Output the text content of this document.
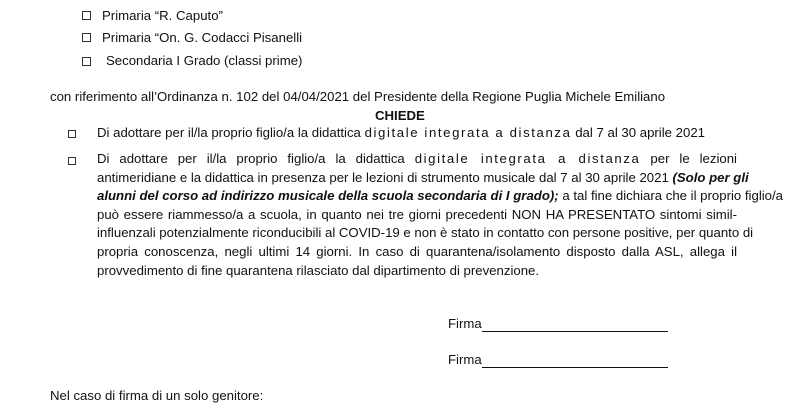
Primaria “R. Caputo”
Primaria “On. G. Codacci Pisanelli
Secondaria I Grado (classi prime)
con riferimento all’Ordinanza n. 102 del 04/04/2021 del Presidente della Regione Puglia Michele Emiliano
CHIEDE
Di adottare per il/la proprio figlio/a la didattica digitale integrata a distanza dal 7 al 30 aprile 2021
Di adottare per il/la proprio figlio/a la didattica digitale integrata a distanza per le lezioni
antimeridiane e la didattica in presenza per le lezioni di strumento musicale dal 7 al 30 aprile 2021 (Solo per gli
alunni del corso ad indirizzo musicale della scuola secondaria di I grado); a tal fine dichiara che il proprio figlio/a
può essere riammesso/a a scuola, in quanto nei tre giorni precedenti NON HA PRESENTATO sintomi simil-
influenzali potenzialmente riconducibili al COVID-19 e non è stato in contatto con persone positive, per quanto di
propria conoscenza, negli ultimi 14 giorni. In caso di quarantena/isolamento disposto dalla ASL, allega il
provvedimento di fine quarantena rilasciato dal dipartimento di prevenzione.
Firma
Firma
Nel caso di firma di un solo genitore:
